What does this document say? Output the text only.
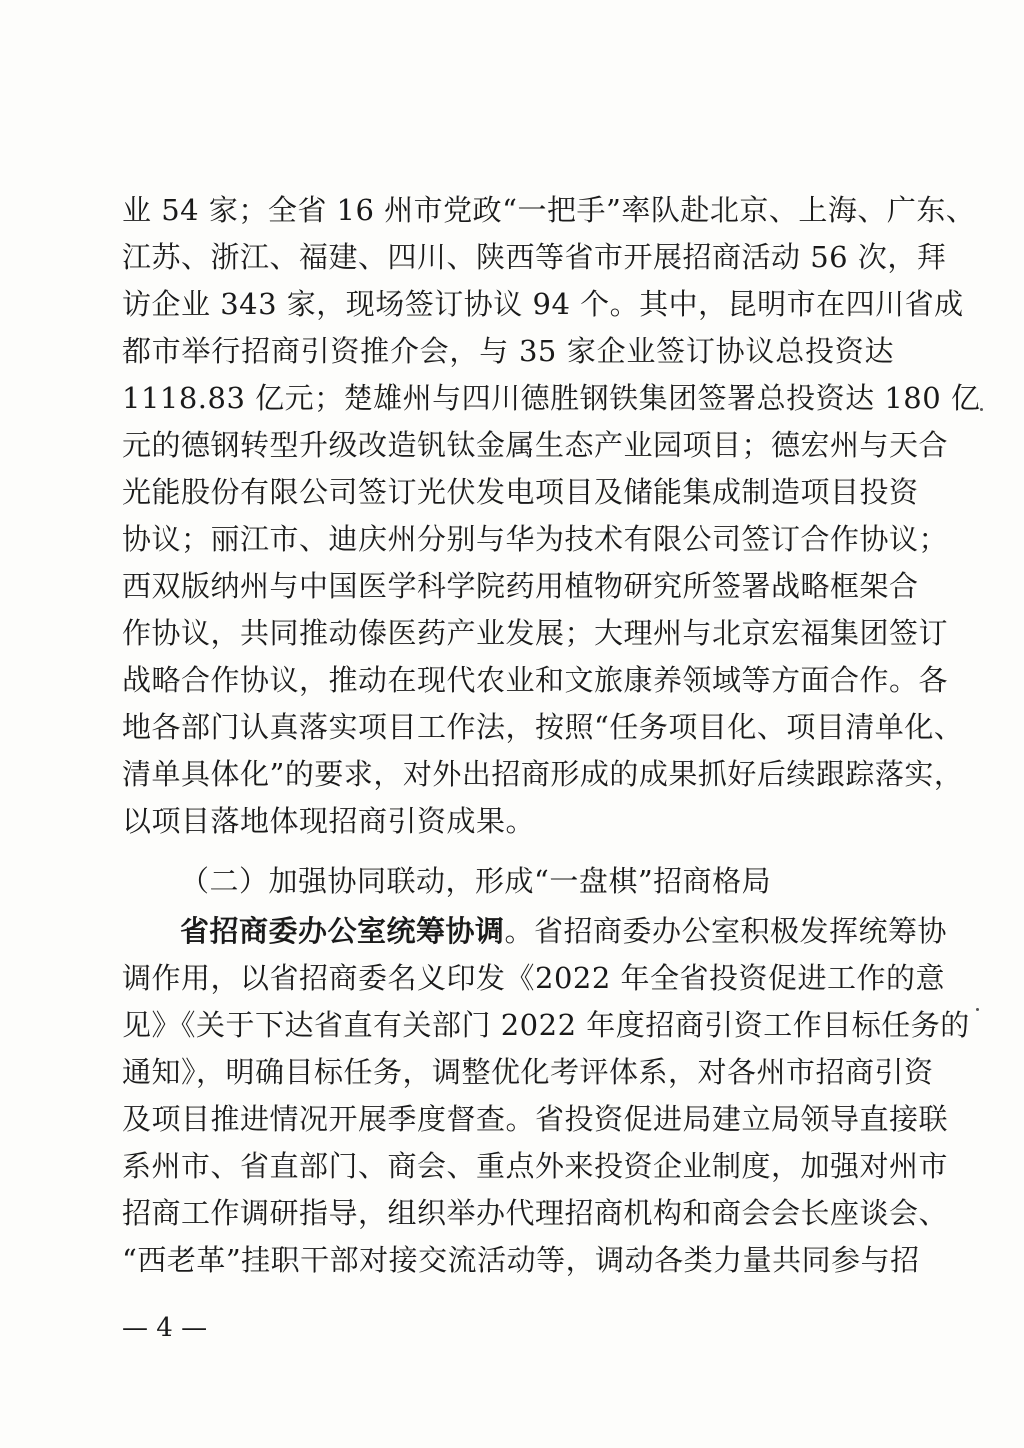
业 54 家；全省 16 州市党政“一把手”率队赴北京、上海、广东、
江苏、浙江、福建、四川、陕西等省市开展招商活动 56 次，拜
访企业 343 家，现场签订协议 94 个。其中，昆明市在四川省成
都市举行招商引资推介会，与 35 家企业签订协议总投资达
1118.83 亿元；楚雄州与四川德胜钢铁集团签署总投资达 180 亿
元的德钢转型升级改造钒钛金属生态产业园项目；德宏州与天合
光能股份有限公司签订光伏发电项目及储能集成制造项目投资
协议；丽江市、迪庆州分别与华为技术有限公司签订合作协议；
西双版纳州与中国医学科学院药用植物研究所签署战略框架合
作协议，共同推动傣医药产业发展；大理州与北京宏福集团签订
战略合作协议，推动在现代农业和文旅康养领域等方面合作。各
地各部门认真落实项目工作法，按照“任务项目化、项目清单化、
清单具体化”的要求，对外出招商形成的成果抓好后续跟踪落实，
以项目落地体现招商引资成果。
（二）加强协同联动，形成“一盘棋”招商格局
省招商委办公室统筹协调。省招商委办公室积极发挥统筹协
调作用，以省招商委名义印发《2022 年全省投资促进工作的意
见》《关于下达省直有关部门 2022 年度招商引资工作目标任务的
通知》，明确目标任务，调整优化考评体系，对各州市招商引资
及项目推进情况开展季度督查。省投资促进局建立局领导直接联
系州市、省直部门、商会、重点外来投资企业制度，加强对州市
招商工作调研指导，组织举办代理招商机构和商会会长座谈会、
— 4 —
“西老革”挂职干部对接交流活动等，调动各类力量共同参与招
